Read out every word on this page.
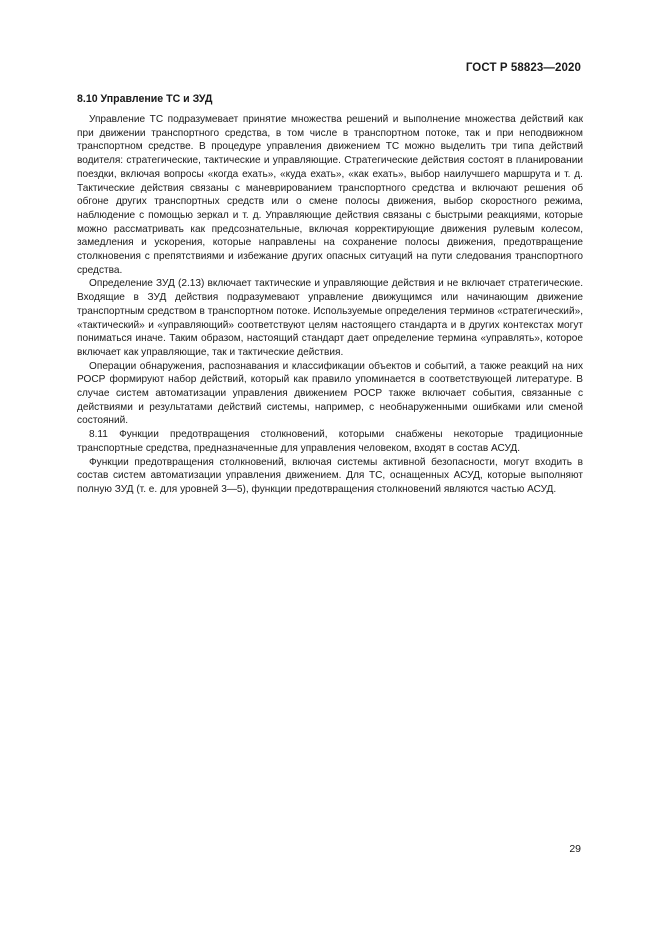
ГОСТ Р 58823—2020
8.10 Управление ТС и ЗУД

Управление ТС подразумевает принятие множества решений и выполнение множества действий как при движении транспортного средства, в том числе в транспортном потоке, так и при неподвижном транспортном средстве. В процедуре управления движением ТС можно выделить три типа действий водителя: стратегические, тактические и управляющие. Стратегические действия состоят в планировании поездки, включая вопросы «когда ехать», «куда ехать», «как ехать», выбор наилучшего маршрута и т. д. Тактические действия связаны с маневрированием транспортного средства и включают решения об обгоне других транспортных средств или о смене полосы движения, выбор скоростного режима, наблюдение с помощью зеркал и т. д. Управляющие действия связаны с быстрыми реакциями, которые можно рассматривать как предсознательные, включая корректирующие движения рулевым колесом, замедления и ускорения, которые направлены на сохранение полосы движения, предотвращение столкновения с препятствиями и избежание других опасных ситуаций на пути следования транспортного средства.

Определение ЗУД (2.13) включает тактические и управляющие действия и не включает стратегические. Входящие в ЗУД действия подразумевают управление движущимся или начинающим движение транспортным средством в транспортном потоке. Используемые определения терминов «стратегический», «тактический» и «управляющий» соответствуют целям настоящего стандарта и в других контекстах могут пониматься иначе. Таким образом, настоящий стандарт дает определение термина «управлять», которое включает как управляющие, так и тактические действия.

Операции обнаружения, распознавания и классификации объектов и событий, а также реакций на них РОСР формируют набор действий, который как правило упоминается в соответствующей литературе. В случае систем автоматизации управления движением РОСР также включает события, связанные с действиями и результатами действий системы, например, с необнаруженными ошибками или сменой состояний.

8.11 Функции предотвращения столкновений, которыми снабжены некоторые традиционные транспортные средства, предназначенные для управления человеком, входят в состав АСУД.

Функции предотвращения столкновений, включая системы активной безопасности, могут входить в состав систем автоматизации управления движением. Для ТС, оснащенных АСУД, которые выполняют полную ЗУД (т. е. для уровней 3—5), функции предотвращения столкновений являются частью АСУД.

29
